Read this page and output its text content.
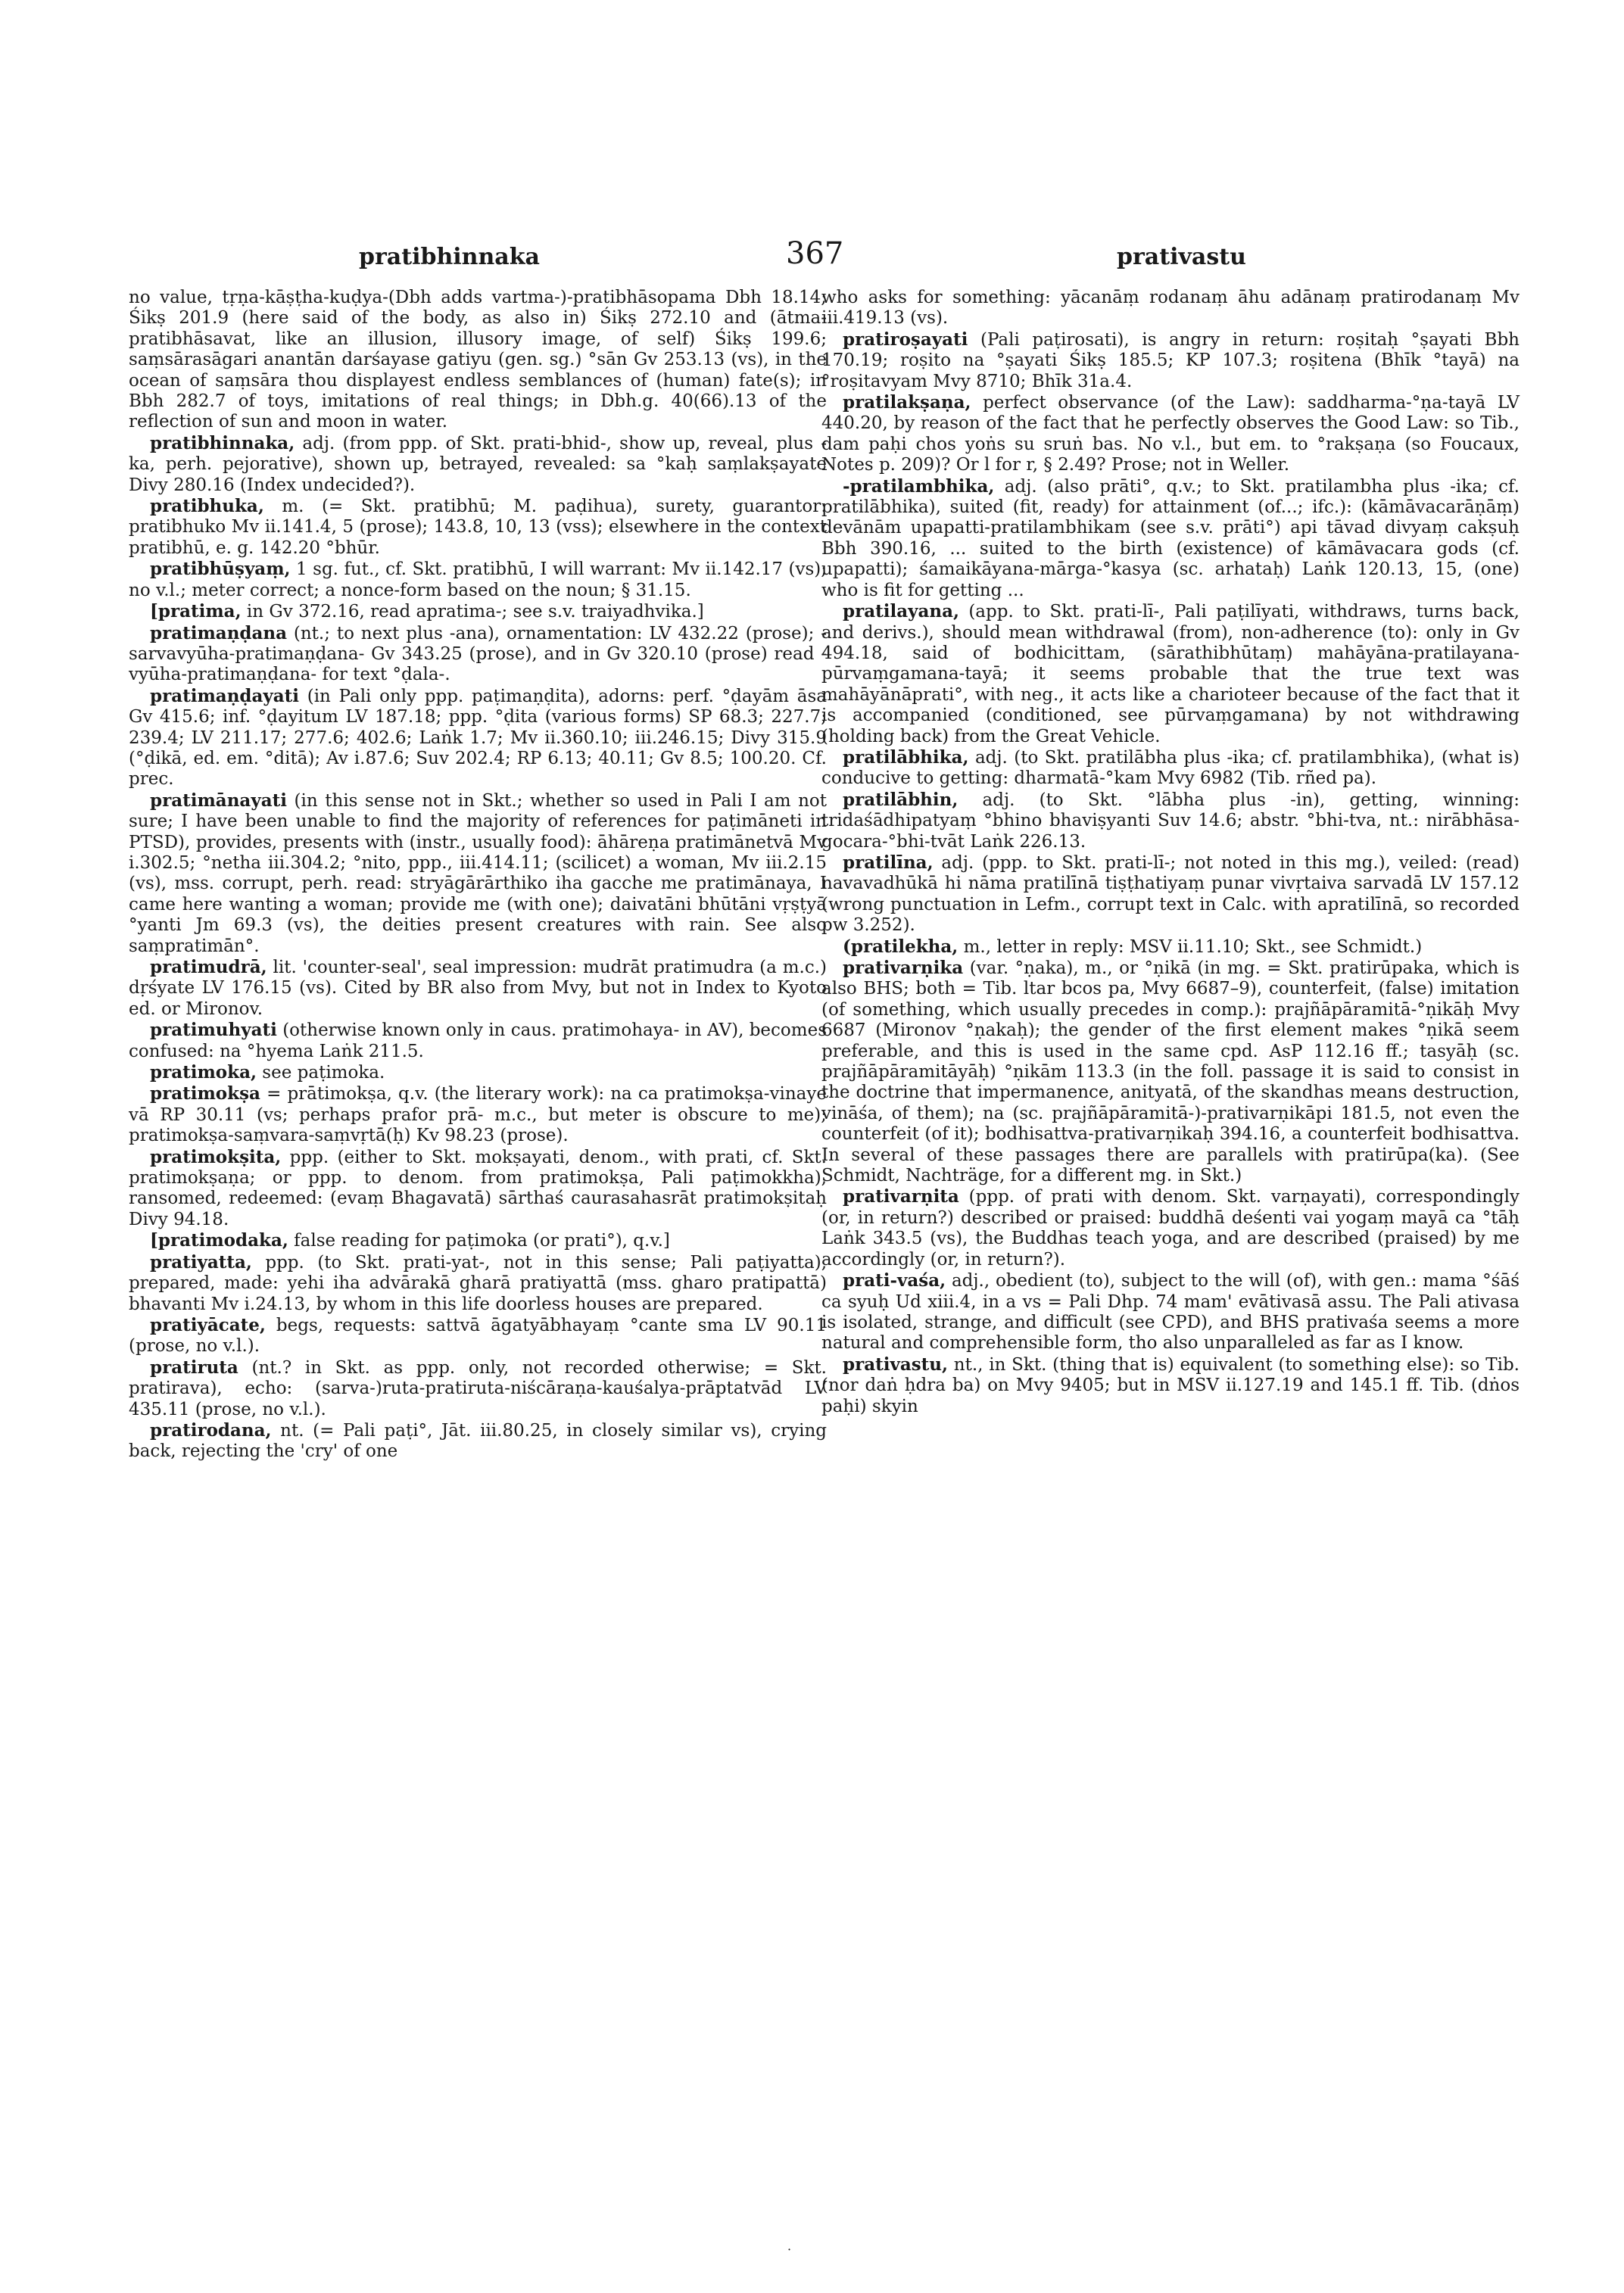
pratibhinnaka	367	prativastu

no value, tṛṇa-kāṣṭha-kuḍya-(Dbh adds vartma-)-pratibhāsopama Dbh 18.14; Śikṣ 201.9 (here said of the body, as also in) Śikṣ 272.10 and (ātma-pratibhāsavat, like an illusion, illusory image, of self) Śikṣ 199.6; saṃsārasāgari anantān darśayase gatiyu (gen. sg.) °sān Gv 253.13 (vs), in the ocean of saṃsāra thou displayest endless semblances of (human) fate(s); in Bbh 282.7 of toys, imitations of real things; in Dbh.g. 40(66).13 of the reflection of sun and moon in water.

pratibhinnaka, adj. (from ppp. of Skt. prati-bhid-, show up, reveal, plus -ka, perh. pejorative), shown up, betrayed, revealed: sa °kaḥ saṃlakṣayate Divy 280.16 (Index undecided?).

pratibhuka, m. (= Skt. pratibhū; M. paḍihua), surety, guarantor: pratibhuko Mv ii.141.4, 5 (prose); 143.8, 10, 13 (vss); elsewhere in the context pratibhū, e. g. 142.20 °bhūr.

pratibhūṣyaṃ, 1 sg. fut., cf. Skt. pratibhū, I will warrant: Mv ii.142.17 (vs); no v.l.; meter correct; a nonce-form based on the noun; § 31.15.

[pratima, in Gv 372.16, read apratima-; see s.v. traiyadhvika.]

pratimaṇḍana (nt.; to next plus -ana), ornamentation: LV 432.22 (prose); -sarvavyūha-pratimaṇḍana- Gv 343.25 (prose), and in Gv 320.10 (prose) read -vyūha-pratimaṇḍana- for text °ḍala-.

pratimaṇḍayati (in Pali only ppp. paṭimaṇḍita), adorns: perf. °ḍayām āsa Gv 415.6; inf. °ḍayitum LV 187.18; ppp. °ḍita (various forms) SP 68.3; 227.7; 239.4; LV 211.17; 277.6; 402.6; Laṅk 1.7; Mv ii.360.10; iii.246.15; Divy 315.9 (°ḍikā, ed. em. °ditā); Av i.87.6; Suv 202.4; RP 6.13; 40.11; Gv 8.5; 100.20. Cf. prec.

pratimānayati (in this sense not in Skt.; whether so used in Pali I am not sure; I have been unable to find the majority of references for paṭimāneti in PTSD), provides, presents with (instr., usually food): āhāreṇa pratimānetvā Mv i.302.5; °netha iii.304.2; °nito, ppp., iii.414.11; (scilicet) a woman, Mv iii.2.15 (vs), mss. corrupt, perh. read: stryāgārārthiko iha gacche me pratimānaya, I came here wanting a woman; provide me (with one); daivatāni bhūtāni vṛṣṭyā °yanti Jm 69.3 (vs), the deities present creatures with rain. See also saṃpratimān°.

pratimudrā, lit. 'counter-seal', seal impression: mudrāt pratimudra (a m.c.) dṛśyate LV 176.15 (vs). Cited by BR also from Mvy, but not in Index to Kyoto ed. or Mironov.

pratimuhyati (otherwise known only in caus. pratimohaya- in AV), becomes confused: na °hyema Laṅk 211.5.

pratimoka, see paṭimoka.

pratimokṣa = prātimokṣa, q.v. (the literary work): na ca pratimokṣa-vinaye vā RP 30.11 (vs; perhaps prafor prā- m.c., but meter is obscure to me); pratimokṣa-saṃvara-saṃvṛtā(ḥ) Kv 98.23 (prose).

pratimokṣita, ppp. (either to Skt. mokṣayati, denom., with prati, cf. Skt. pratimokṣaṇa; or ppp. to denom. from pratimokṣa, Pali paṭimokkha), ransomed, redeemed: (evaṃ Bhagavatā) sārthaś caurasahasrāt pratimokṣitaḥ Divy 94.18.

[pratimodaka, false reading for paṭimoka (or prati°), q.v.]

pratiyatta, ppp. (to Skt. prati-yat-, not in this sense; Pali paṭiyatta), prepared, made: yehi iha advārakā gharā pratiyattā (mss. gharo pratipattā) bhavanti Mv i.24.13, by whom in this life doorless houses are prepared.

pratiyācate, begs, requests: sattvā āgatyābhayaṃ °cante sma LV 90.11 (prose, no v.l.).

pratiruta (nt.? in Skt. as ppp. only, not recorded otherwise; = Skt. pratirava), echo: (sarva-)ruta-pratiruta-niścāraṇa-kauśalya-prāptatvād LV 435.11 (prose, no v.l.).

pratirodana, nt. (= Pali paṭi°, Jāt. iii.80.25, in closely similar vs), crying back, rejecting the 'cry' of one

who asks for something: yācanāṃ rodanaṃ āhu adānaṃ pratirodanaṃ Mv iii.419.13 (vs).

pratiroṣayati (Pali paṭirosati), is angry in return: roṣitaḥ °ṣayati Bbh 170.19; roṣito na °ṣayati Śikṣ 185.5; KP 107.3; roṣitena (Bhīk °tayā) na °roṣitavyam Mvy 8710; Bhīk 31a.4.

pratilakṣaṇa, perfect observance (of the Law): saddharma-°ṇa-tayā LV 440.20, by reason of the fact that he perfectly observes the Good Law: so Tib., dam paḥi chos yoṅs su sruṅ bas. No v.l., but em. to °rakṣaṇa (so Foucaux, Notes p. 209)? Or l for r, § 2.49? Prose; not in Weller.

-pratilambhika, adj. (also prāti°, q.v.; to Skt. pratilambha plus -ika; cf. pratilābhika), suited (fit, ready) for attainment (of...; ifc.): (kāmāvacarāṇāṃ) devānām upapatti-pratilambhikam (see s.v. prāti°) api tāvad divyaṃ cakṣuḥ Bbh 390.16, ... suited to the birth (existence) of kāmāvacara gods (cf. upapatti); śamaikāyana-mārga-°kasya (sc. arhataḥ) Laṅk 120.13, 15, (one) who is fit for getting ...

pratilayana, (app. to Skt. prati-lī-, Pali paṭilīyati, withdraws, turns back, and derivs.), should mean withdrawal (from), non-adherence (to): only in Gv 494.18, said of bodhicittam, (sārathibhūtaṃ) mahāyāna-pratilayana-pūrvaṃgamana-tayā; it seems probable that the true text was mahāyānāprati°, with neg., it acts like a charioteer because of the fact that it is accompanied (conditioned, see pūrvaṃgamana) by not withdrawing (holding back) from the Great Vehicle.

pratilābhika, adj. (to Skt. pratilābha plus -ika; cf. pratilambhika), (what is) conducive to getting: dharmatā-°kam Mvy 6982 (Tib. rñed pa).

pratilābhin, adj. (to Skt. °lābha plus -in), getting, winning: tridaśādhipatyaṃ °bhino bhaviṣyanti Suv 14.6; abstr. °bhi-tva, nt.: nirābhāsa-gocara-°bhi-tvāt Laṅk 226.13.

pratilīna, adj. (ppp. to Skt. prati-lī-; not noted in this mg.), veiled: (read) navavadhūkā hi nāma pratilīnā tiṣṭhatiyaṃ punar vivṛtaiva sarvadā LV 157.12 (wrong punctuation in Lefm., corrupt text in Calc. with apratilīnā, so recorded pw 3.252).

(pratilekha, m., letter in reply: MSV ii.11.10; Skt., see Schmidt.)

prativarṇika (var. °ṇaka), m., or °ṇikā (in mg. = Skt. pratirūpaka, which is also BHS; both = Tib. ltar bcos pa, Mvy 6687–9), counterfeit, (false) imitation (of something, which usually precedes in comp.): prajñāpāramitā-°ṇikāḥ Mvy 6687 (Mironov °ṇakaḥ); the gender of the first element makes °ṇikā seem preferable, and this is used in the same cpd. AsP 112.16 ff.; tasyāḥ (sc. prajñāpāramitāyāḥ) °ṇikām 113.3 (in the foll. passage it is said to consist in the doctrine that impermanence, anityatā, of the skandhas means destruction, vināśa, of them); na (sc. prajñāpāramitā-)-prativarṇikāpi 181.5, not even the counterfeit (of it); bodhisattva-prativarṇikaḥ 394.16, a counterfeit bodhisattva. In several of these passages there are parallels with pratirūpa(ka). (See Schmidt, Nachträge, for a different mg. in Skt.)

prativarṇita (ppp. of prati with denom. Skt. varṇayati), correspondingly (or, in return?) described or praised: buddhā deśenti vai yogaṃ mayā ca °tāḥ Laṅk 343.5 (vs), the Buddhas teach yoga, and are described (praised) by me accordingly (or, in return?).

prati-vaśa, adj., obedient (to), subject to the will (of), with gen.: mama °śāś ca syuḥ Ud xiii.4, in a vs = Pali Dhp. 74 mam' evātivasā assu. The Pali ativasa is isolated, strange, and difficult (see CPD), and BHS prativaśa seems a more natural and comprehensible form, tho also unparalleled as far as I know.

prativastu, nt., in Skt. (thing that is) equivalent (to something else): so Tib. (nor daṅ ḥdra ba) on Mvy 9405; but in MSV ii.127.19 and 145.1 ff. Tib. (dṅos paḥi) skyin

·
